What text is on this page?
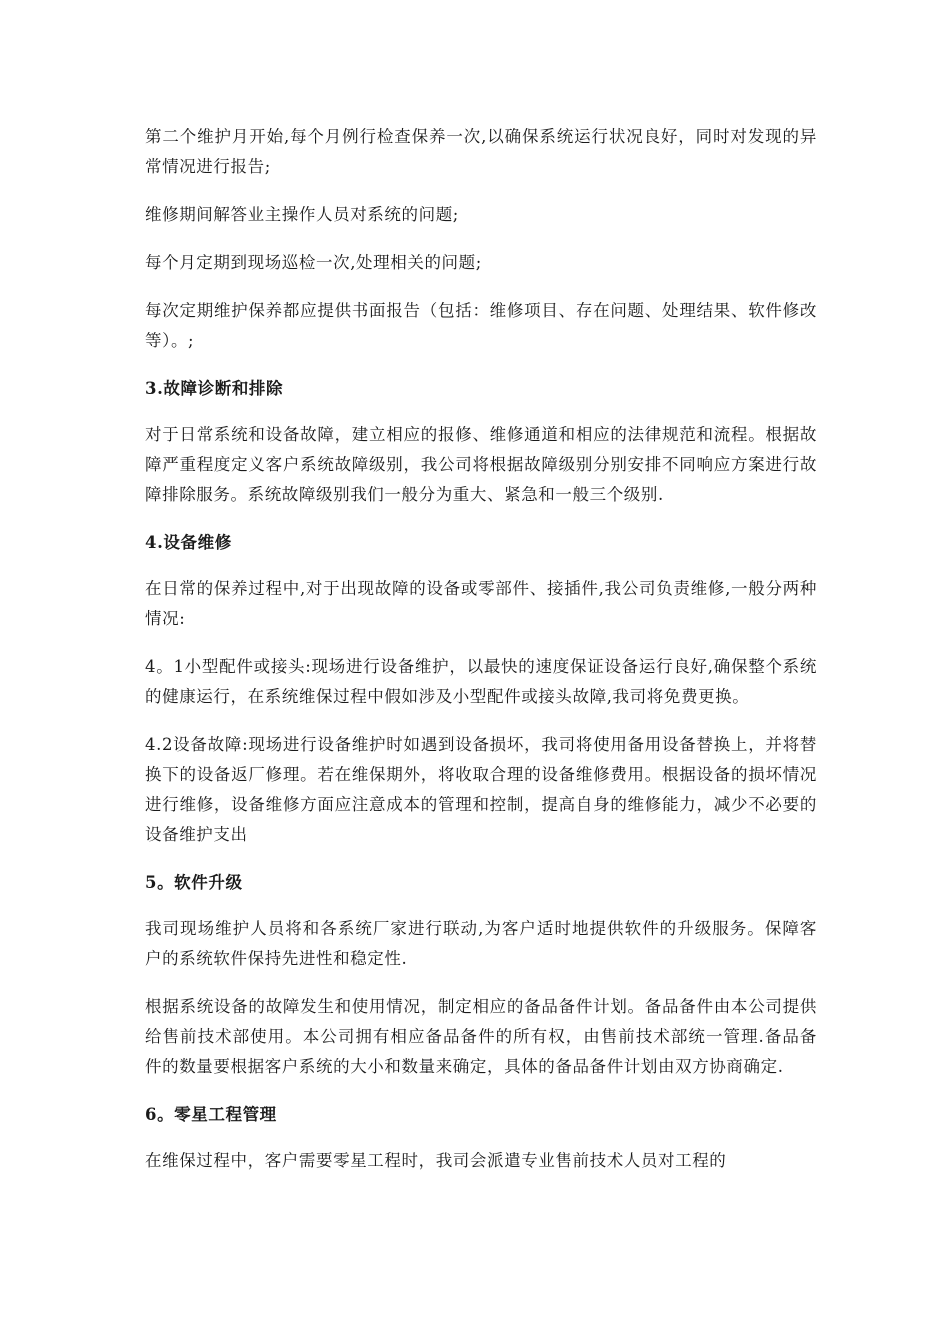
第二个维护月开始,每个月例行检查保养一次,以确保系统运行状况良好，同时对发现的异常情况进行报告;

维修期间解答业主操作人员对系统的问题;

每个月定期到现场巡检一次,处理相关的问题;

每次定期维护保养都应提供书面报告（包括：维修项目、存在问题、处理结果、软件修改等）。;

3.故障诊断和排除

对于日常系统和设备故障，建立相应的报修、维修通道和相应的法律规范和流程。根据故障严重程度定义客户系统故障级别，我公司将根据故障级别分别安排不同响应方案进行故障排除服务。系统故障级别我们一般分为重大、紧急和一般三个级别.

4.设备维修

在日常的保养过程中,对于出现故障的设备或零部件、接插件,我公司负责维修,一般分两种情况:

4。1小型配件或接头:现场进行设备维护，以最快的速度保证设备运行良好,确保整个系统的健康运行，在系统维保过程中假如涉及小型配件或接头故障,我司将免费更换。

4.2设备故障:现场进行设备维护时如遇到设备损坏，我司将使用备用设备替换上，并将替换下的设备返厂修理。若在维保期外，将收取合理的设备维修费用。根据设备的损坏情况进行维修，设备维修方面应注意成本的管理和控制，提高自身的维修能力，减少不必要的设备维护支出

5。软件升级

我司现场维护人员将和各系统厂家进行联动,为客户适时地提供软件的升级服务。保障客户的系统软件保持先进性和稳定性.

根据系统设备的故障发生和使用情况，制定相应的备品备件计划。备品备件由本公司提供给售前技术部使用。本公司拥有相应备品备件的所有权，由售前技术部统一管理.备品备件的数量要根据客户系统的大小和数量来确定，具体的备品备件计划由双方协商确定.

6。零星工程管理

在维保过程中，客户需要零星工程时，我司会派遣专业售前技术人员对工程的
